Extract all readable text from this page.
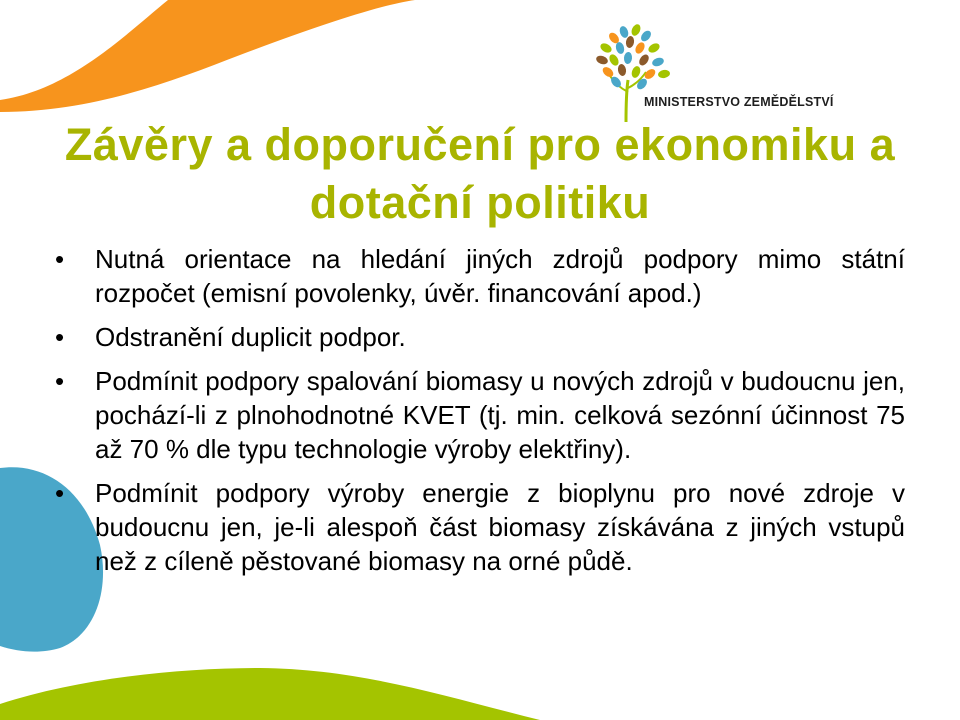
MINISTERSTVO ZEMĚDĚLSTVÍ
Závěry a doporučení pro ekonomiku a dotační politiku
• Nutná orientace na hledání jiných zdrojů podpory mimo státní rozpočet (emisní povolenky, úvěr. financování apod.)
• Odstranění duplicit podpor.
• Podmínit podpory spalování biomasy u nových zdrojů v budoucnu jen, pochází-li z plnohodnotné KVET (tj. min. celková sezónní účinnost 75 až 70 % dle typu technologie výroby elektřiny).
• Podmínit podpory výroby energie z bioplynu pro nové zdroje v budoucnu jen, je-li alespoň část biomasy získávána z jiných vstupů než z cíleně pěstované biomasy na orné půdě.
